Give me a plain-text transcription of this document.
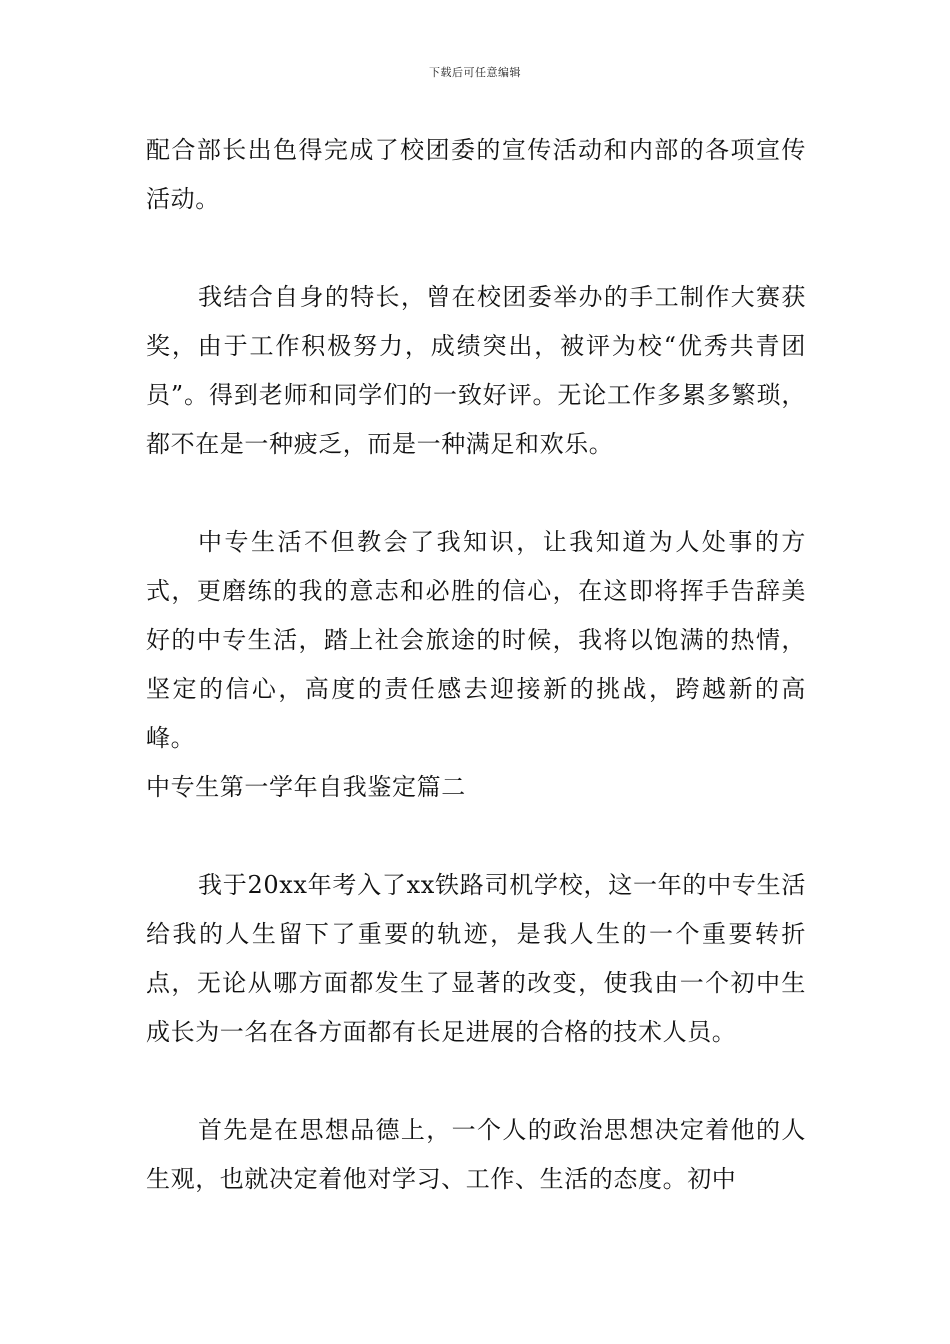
下载后可任意编辑

配合部长出色得完成了校团委的宣传活动和内部的各项宣传活动。

我结合自身的特长，曾在校团委举办的手工制作大赛获奖，由于工作积极努力，成绩突出，被评为校“优秀共青团员”。得到老师和同学们的一致好评。无论工作多累多繁琐，都不在是一种疲乏，而是一种满足和欢乐。

中专生活不但教会了我知识，让我知道为人处事的方式，更磨练的我的意志和必胜的信心，在这即将挥手告辞美好的中专生活，踏上社会旅途的时候，我将以饱满的热情，坚定的信心，高度的责任感去迎接新的挑战，跨越新的高峰。

中专生第一学年自我鉴定篇二

我于20xx年考入了xx铁路司机学校，这一年的中专生活给我的人生留下了重要的轨迹，是我人生的一个重要转折点，无论从哪方面都发生了显著的改变，使我由一个初中生成长为一名在各方面都有长足进展的合格的技术人员。

首先是在思想品德上，一个人的政治思想决定着他的人生观，也就决定着他对学习、工作、生活的态度。初中
